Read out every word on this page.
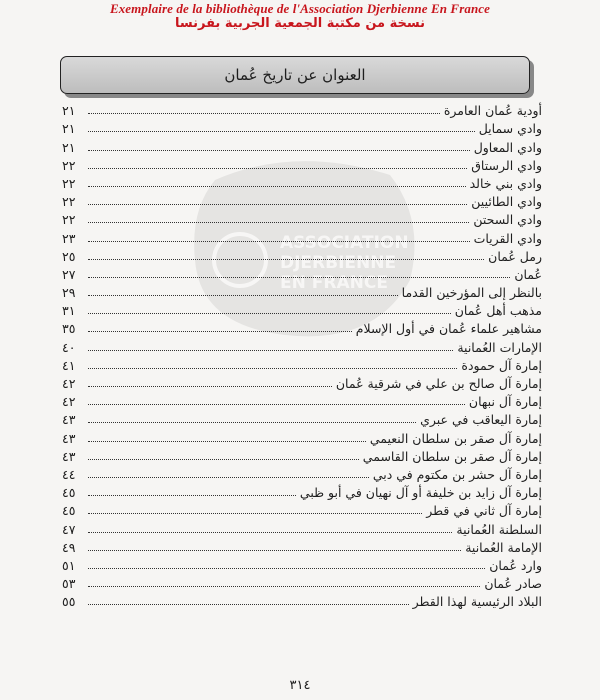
Exemplaire de la bibliothèque de l'Association Djerbienne En France
نسخة من مكتبة الجمعية الجربية بفرنسا
ASSOCIATION
DJERBIENNE
EN FRANCE
العنوان عن تاريخ عُمان
أودية عُمان العامرة
٢١
وادي سمايل
٢١
وادي المعاول
٢١
وادي الرستاق
٢٢
وادي بني خالد
٢٢
وادي الطائيين
٢٢
وادي السحتن
٢٢
وادي القريات
٢٣
رمل عُمان
٢٥
عُمان
٢٧
بالنظر إلى المؤرخين القدما
٢٩
مذهب أهل عُمان
٣١
مشاهير علماء عُمان في أول الإسلام
٣٥
الإمارات العُمانية
٤٠
إمارة آل حمودة
٤١
إمارة آل صالح بن علي في شرقية عُمان
٤٢
إمارة آل نبهان
٤٢
إمارة اليعاقب في عبري
٤٣
إمارة آل صقر بن سلطان النعيمي
٤٣
إمارة آل صقر بن سلطان القاسمي
٤٣
إمارة آل حشر بن مكتوم في دبي
٤٤
إمارة آل زايد بن خليفة أو آل نهيان في أبو ظبي
٤٥
إمارة آل ثاني في قطر
٤٥
السلطنة العُمانية
٤٧
الإمامة العُمانية
٤٩
وارد عُمان
٥١
صادر عُمان
٥٣
البلاد الرئيسية لهذا القطر
٥٥
٣١٤
